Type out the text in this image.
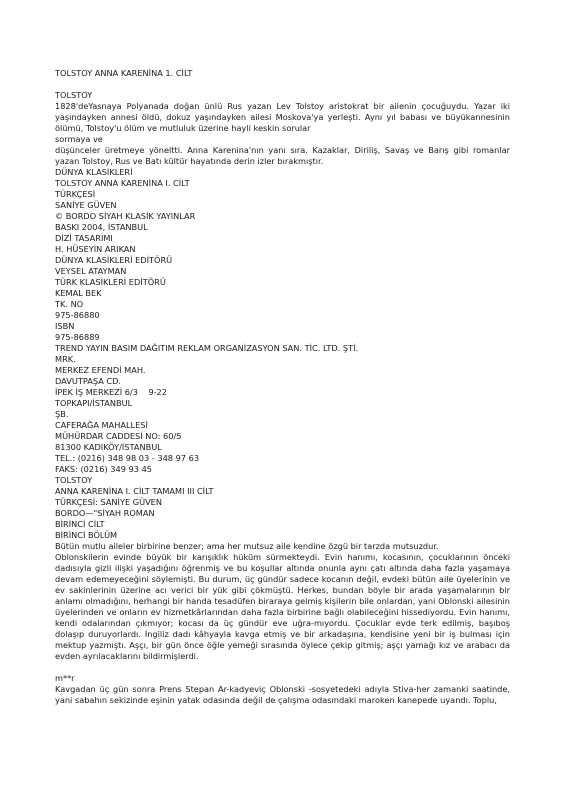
TOLSTOY ANNA KARENİNA 1. CİLT
TOLSTOY
1828'deYasnaya Polyanada doğan ünlü Rus yazan Lev Tolstoy aristokrat bir ailenin çocuğuydu. Yazar iki yaşındayken annesi öldü, dokuz yaşındayken ailesi Moskova'ya yerleşti. Aynı yıl babası ve büyükannesinin ölümü, Tolstoy'u ölüm ve mutluluk üzerine hayli keskin sorular
sormaya ve
düşünceler üretmeye yöneltti. Anna Karenina'nın yanı sıra. Kazaklar, Diriliş, Savaş ve Barış gibi romanlar yazan Tolstoy, Rus ve Batı kültür hayatında derin izler bırakmıştır.
DÜNYA KLASİKLERİ
TOLSTOY ANNA KARENİNA I. CİLT
TÜRKÇESİ
SANİYE GÜVEN
© BORDO SİYAH KLASİK YAYINLAR
BASKI 2004, İSTANBUL
DİZİ TASARIMI
H. HÜSEYİN ARIKAN
DÜNYA KLASİKLERİ EDİTÖRÜ
VEYSEL ATAYMAN
TÜRK KLASİKLERİ EDİTÖRÜ
KEMAL BEK
TK. NO
975-86880
ISBN
975-86889
TREND YAYIN BASIM DAĞITIM REKLAM ORGANİZASYON SAN. TİC. LTD. ŞTİ.
MRK.
MERKEZ EFENDİ MAH.
DAVUTPAŞA CD.
İPEK İŞ MERKEZİ 6/3    9-22
TOPKAPI/İSTANBUL
ŞB.
CAFERAĞA MAHALLESİ
MÜHÜRDAR CADDESİ NO: 60/5
81300 KADIKÖY/İSTANBUL
TEL.: (0216) 348 98 03 - 348 97 63
FAKS: (0216) 349 93 45
TOLSTOY
ANNA KARENİNA I. CİLT TAMAMI III CİLT
TÜRKÇESİ: SANİYE GÜVEN
BORDO—"SİYAH ROMAN
BİRİNCİ CİLT
BİRİNCİ BÖLÜM
Bütün mutlu aileler birbirine benzer; ama her mutsuz aile kendine özgü bir tarzda mutsuzdur.
Oblonskilerin evinde büyük bir karışıklık hüküm sürmekteydi. Evin hanımı, kocasının, çocuklarının önceki dadısıyla gizli ilişki yaşadığını öğrenmiş ve bu koşullar altında onunla aynı çatı altında daha fazla yaşamaya devam edemeyeceğini söylemişti. Bu durum, üç gündür sadece kocanın değil, evdeki bütün aile üyelerinin ve ev sakinlerinin üzerine acı verici bir yük gibi çökmüştü. Herkes, bundan böyle bir arada yaşamalarının bir anlamı olmadığını, herhangi bir handa tesadüfen biraraya gelmiş kişilerin bile onlardan, yani Oblonski ailesinin üyelerinden ve onların ev hizmetkârlarından daha fazla birbirine bağlı olabileceğini hissediyordu. Evin hanımı, kendi odalarından çıkmıyor; kocası da üç gündür eve uğra-mıyordu. Çocuklar evde terk edilmiş, başıboş dolaşıp duruyorlardı. İngiliz dadı kâhyayla kavga etmiş ve bir arkadaşına, kendisine yeni bir iş bulması için mektup yazmıştı. Aşçı, bir gün önce öğle yemeği sırasında öylece çekip gitmiş; aşçı yamağı kız ve arabacı da evden ayrılacaklarını bildirmişlerdi.
m**r
Kavgadan üç gün sonra Prens Stepan Ar-kadyeviç Oblonski -sosyetedeki adıyla Stiva-her zamanki saatinde, yani sabahın sekizinde eşinin yatak odasında değil de çalışma odasındaki maroken kanepede uyandı. Toplu,
